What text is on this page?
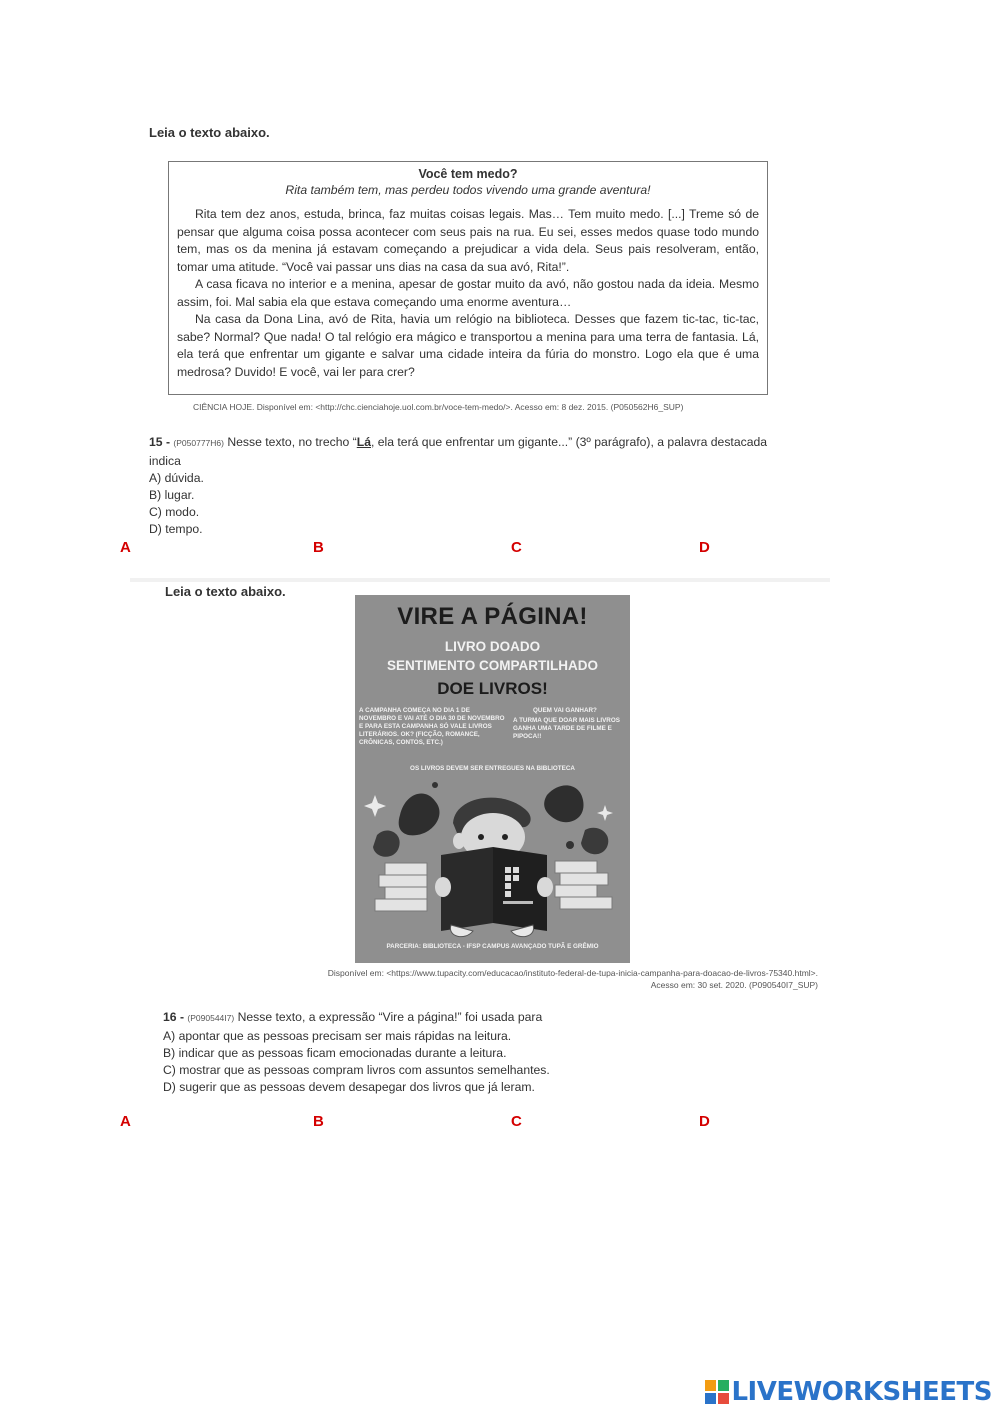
Leia o texto abaixo.
Você tem medo?
Rita também tem, mas perdeu todos vivendo uma grande aventura!

Rita tem dez anos, estuda, brinca, faz muitas coisas legais. Mas… Tem muito medo. [...] Treme só de pensar que alguma coisa possa acontecer com seus pais na rua. Eu sei, esses medos quase todo mundo tem, mas os da menina já estavam começando a prejudicar a vida dela. Seus pais resolveram, então, tomar uma atitude. “Você vai passar uns dias na casa da sua avó, Rita!”.

A casa ficava no interior e a menina, apesar de gostar muito da avó, não gostou nada da ideia. Mesmo assim, foi. Mal sabia ela que estava começando uma enorme aventura…

Na casa da Dona Lina, avó de Rita, havia um relógio na biblioteca. Desses que fazem tic-tac, tic-tac, sabe? Normal? Que nada! O tal relógio era mágico e transportou a menina para uma terra de fantasia. Lá, ela terá que enfrentar um gigante e salvar uma cidade inteira da fúria do monstro. Logo ela que é uma medrosa? Duvido! E você, vai ler para crer?

CIÊNCIA HOJE. Disponível em: <http://chc.cienciahoje.uol.com.br/voce-tem-medo/>. Acesso em: 8 dez. 2015. (P050562H6_SUP)
15 - (P050777H6) Nesse texto, no trecho “Lá, ela terá que enfrentar um gigante...” (3º parágrafo), a palavra destacada indica
A) dúvida.
B) lugar.
C) modo.
D) tempo.
A	B	C	D
Leia o texto abaixo.
VIRE A PÁGINA!
LIVRO DOADO
SENTIMENTO COMPARTILHADO
DOE LIVROS!
A CAMPANHA COMEÇA NO DIA 1 DE NOVEMBRO E VAI ATÉ O DIA 30 DE NOVEMBRO E PARA ESTA CAMPANHA SÓ VALE LIVROS LITERÁRIOS. OK? (FICÇÃO, ROMANCE, CRÔNICAS, CONTOS, ETC.)
QUEM VAI GANHAR?
A TURMA QUE DOAR MAIS LIVROS GANHA UMA TARDE DE FILME E PIPOCA!!
OS LIVROS DEVEM SER ENTREGUES NA BIBLIOTECA
PARCERIA: BIBLIOTECA - IFSP CAMPUS AVANÇADO TUPÃ E GRÊMIO
Disponível em: <https://www.tupacity.com/educacao/instituto-federal-de-tupa-inicia-campanha-para-doacao-de-livros-75340.html>.
Acesso em: 30 set. 2020. (P090540I7_SUP)
16 - (P090544I7) Nesse texto, a expressão “Vire a página!” foi usada para
A) apontar que as pessoas precisam ser mais rápidas na leitura.
B) indicar que as pessoas ficam emocionadas durante a leitura.
C) mostrar que as pessoas compram livros com assuntos semelhantes.
D) sugerir que as pessoas devem desapegar dos livros que já leram.
A	B	C	D
LIVEWORKSHEETS
